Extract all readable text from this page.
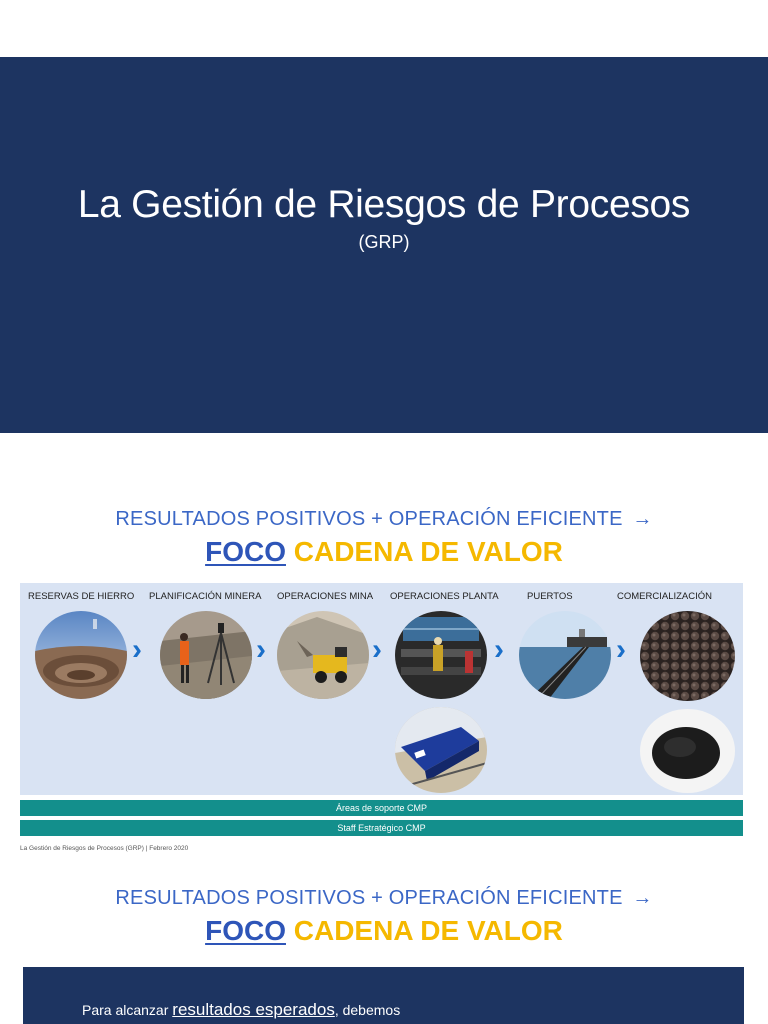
La Gestión de Riesgos de Procesos
(GRP)
RESULTADOS POSITIVOS + OPERACIÓN EFICIENTE →
FOCO CADENA DE VALOR
RESERVAS DE HIERRO PLANIFICACIÓN MINERA OPERACIONES MINA OPERACIONES PLANTA	PUERTOS	COMERCIALIZACIÓN
›	›	›	›	›
Áreas de soporte CMP
Staff Estratégico CMP
La Gestión de Riesgos de Procesos (GRP) | Febrero 2020
RESULTADOS POSITIVOS + OPERACIÓN EFICIENTE →
FOCO CADENA DE VALOR
Para alcanzar resultados esperados, debemos
